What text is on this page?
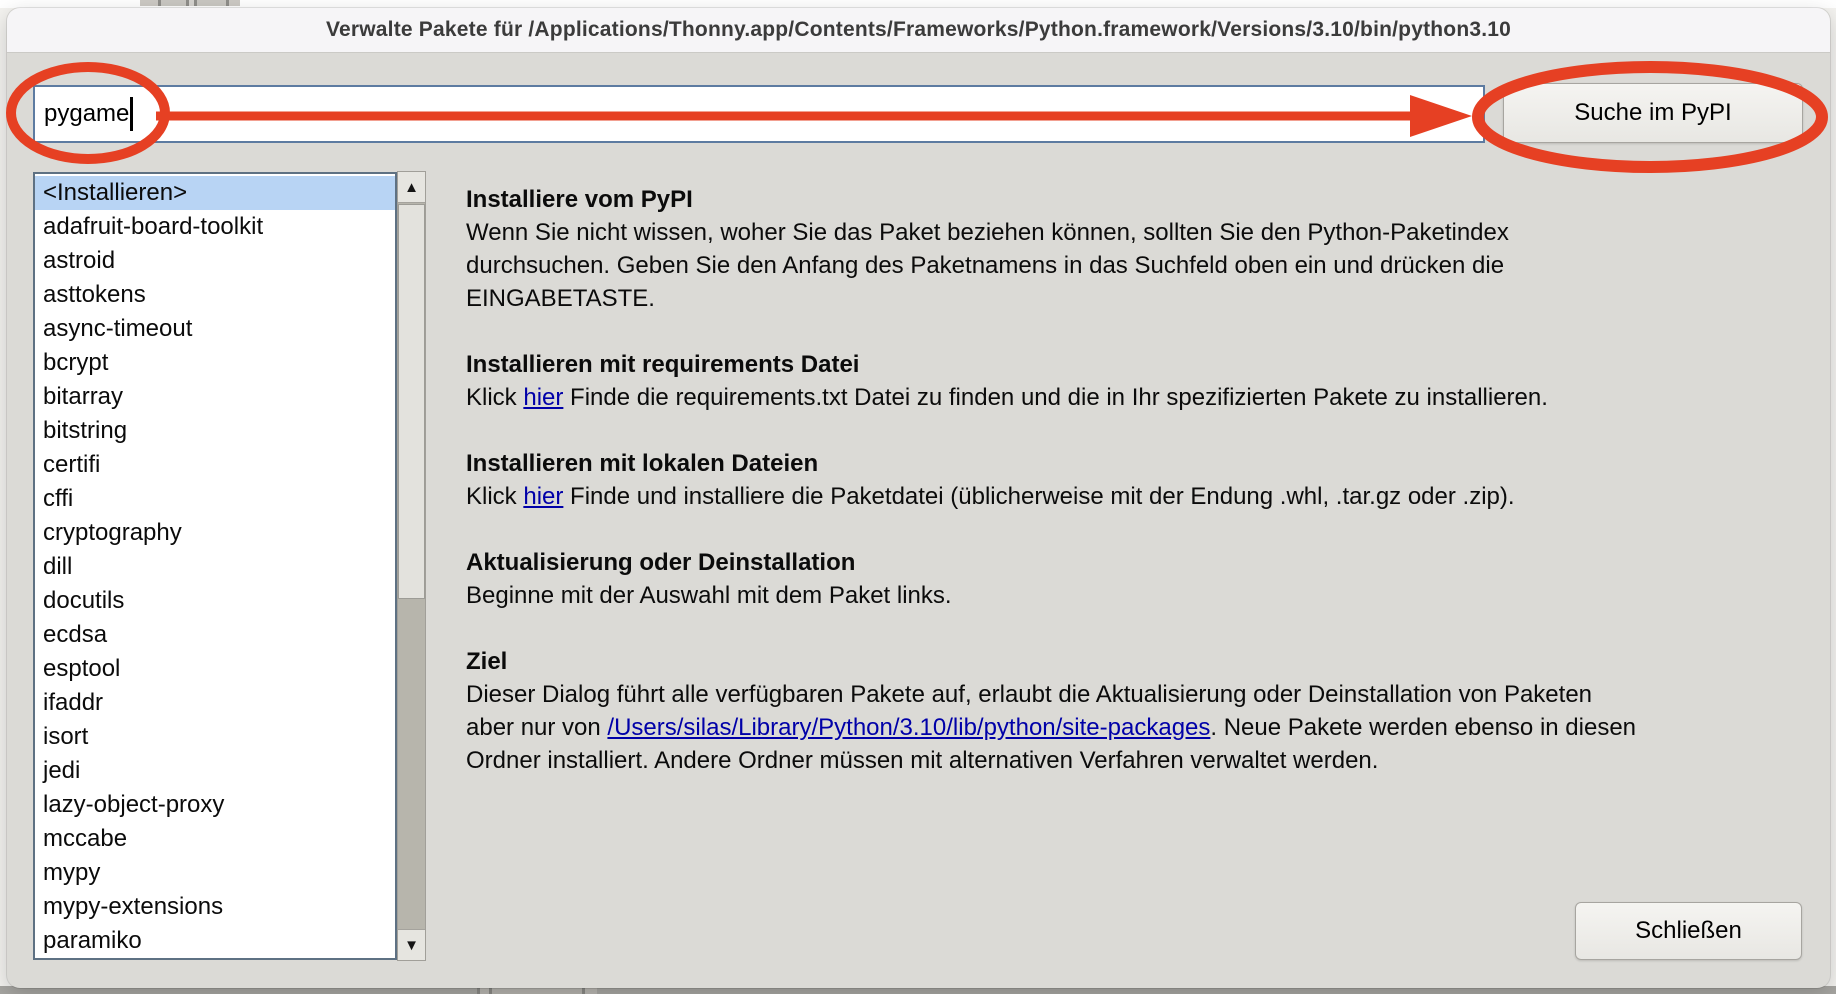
Verwalte Pakete für /Applications/Thonny.app/Contents/Frameworks/Python.framework/Versions/3.10/bin/python3.10
pygame	Suche im PyPI
<Installieren>
adafruit-board-toolkit
astroid
asttokens
async-timeout
bcrypt
bitarray
bitstring
certifi
cffi
cryptography
dill
docutils
ecdsa
esptool
ifaddr
isort
jedi
lazy-object-proxy
mccabe
mypy
mypy-extensions
paramiko
▲
▼
Installiere vom PyPI
Wenn Sie nicht wissen, woher Sie das Paket beziehen können, sollten Sie den Python-Paketindex
durchsuchen. Geben Sie den Anfang des Paketnamens in das Suchfeld oben ein und drücken die
EINGABETASTE.
Installieren mit requirements Datei
Klick hier Finde die requirements.txt Datei zu finden und die in Ihr spezifizierten Pakete zu installieren.
Installieren mit lokalen Dateien
Klick hier Finde und installiere die Paketdatei (üblicherweise mit der Endung .whl, .tar.gz oder .zip).
Aktualisierung oder Deinstallation
Beginne mit der Auswahl mit dem Paket links.
Ziel
Dieser Dialog führt alle verfügbaren Pakete auf, erlaubt die Aktualisierung oder Deinstallation von Paketen
aber nur von /Users/silas/Library/Python/3.10/lib/python/site-packages. Neue Pakete werden ebenso in diesen
Ordner installiert. Andere Ordner müssen mit alternativen Verfahren verwaltet werden.
Schließen
